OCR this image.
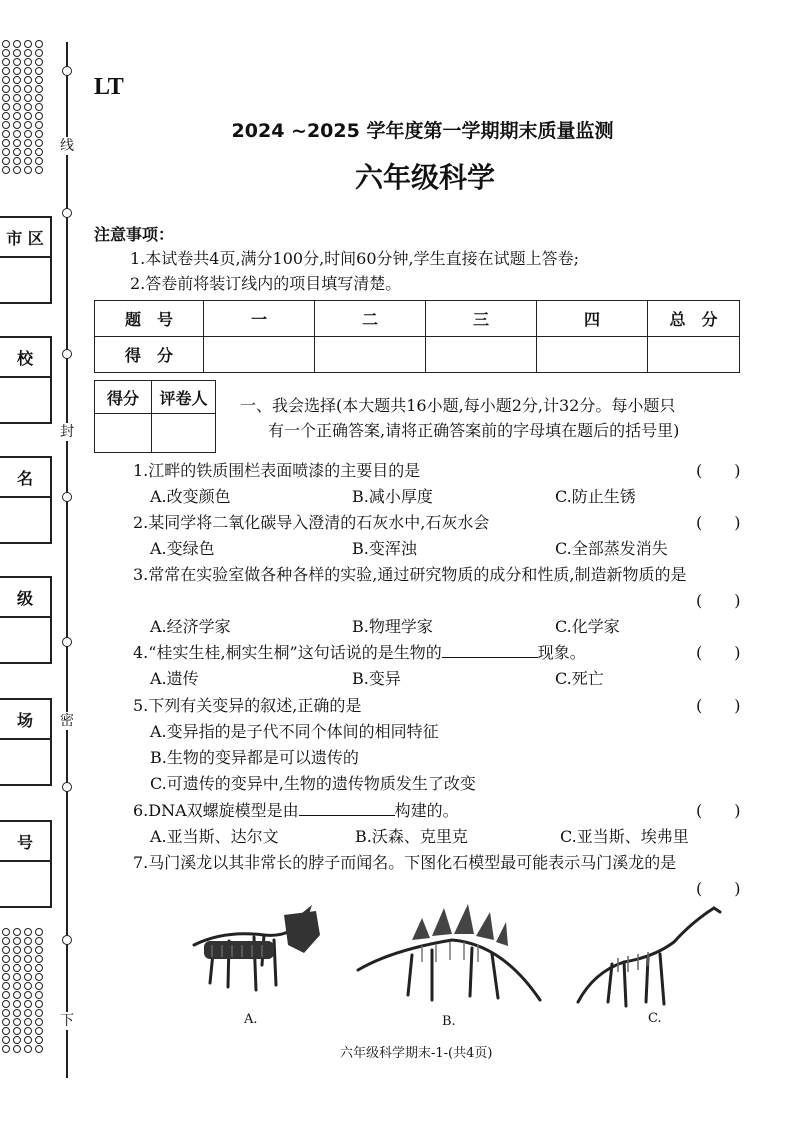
线
封
密
下
市 区
校
名
级
场
号
LT
2024 ~2025 学年度第一学期期末质量监测
六年级科学
注意事项：
1.本试卷共4页,满分100分,时间60分钟,学生直接在试题上答卷;
2.答卷前将装订线内的项目填写清楚。
题　号	一	二	三	四	总　分
得　分					
得分	评卷人
	一、我会选择(本大题共16小题,每小题2分,计32分。每小题只
有一个正确答案,请将正确答案前的字母填在题后的括号里)
1.江畔的铁质围栏表面喷漆的主要目的是	(　　)
A.改变颜色	B.减小厚度	C.防止生锈
2.某同学将二氧化碳导入澄清的石灰水中,石灰水会	(　　)
A.变绿色	B.变浑浊	C.全部蒸发消失
3.常常在实验室做各种各样的实验,通过研究物质的成分和性质,制造新物质的是
(　　)
A.经济学家	B.物理学家	C.化学家
4.“桂实生桂,桐实生桐”这句话说的是生物的	现象。	(　　)
A.遗传	B.变异	C.死亡
5.下列有关变异的叙述,正确的是	(　　)
A.变异指的是子代不同个体间的相同特征
B.生物的变异都是可以遗传的
C.可遗传的变异中,生物的遗传物质发生了改变
6.DNA双螺旋模型是由	构建的。	(　　)
A.亚当斯、达尔文	B.沃森、克里克	C.亚当斯、埃弗里
7.马门溪龙以其非常长的脖子而闻名。下图化石模型最可能表示马门溪龙的是
(　　)
A.	B.	C.
六年级科学期末-1-(共4页)
